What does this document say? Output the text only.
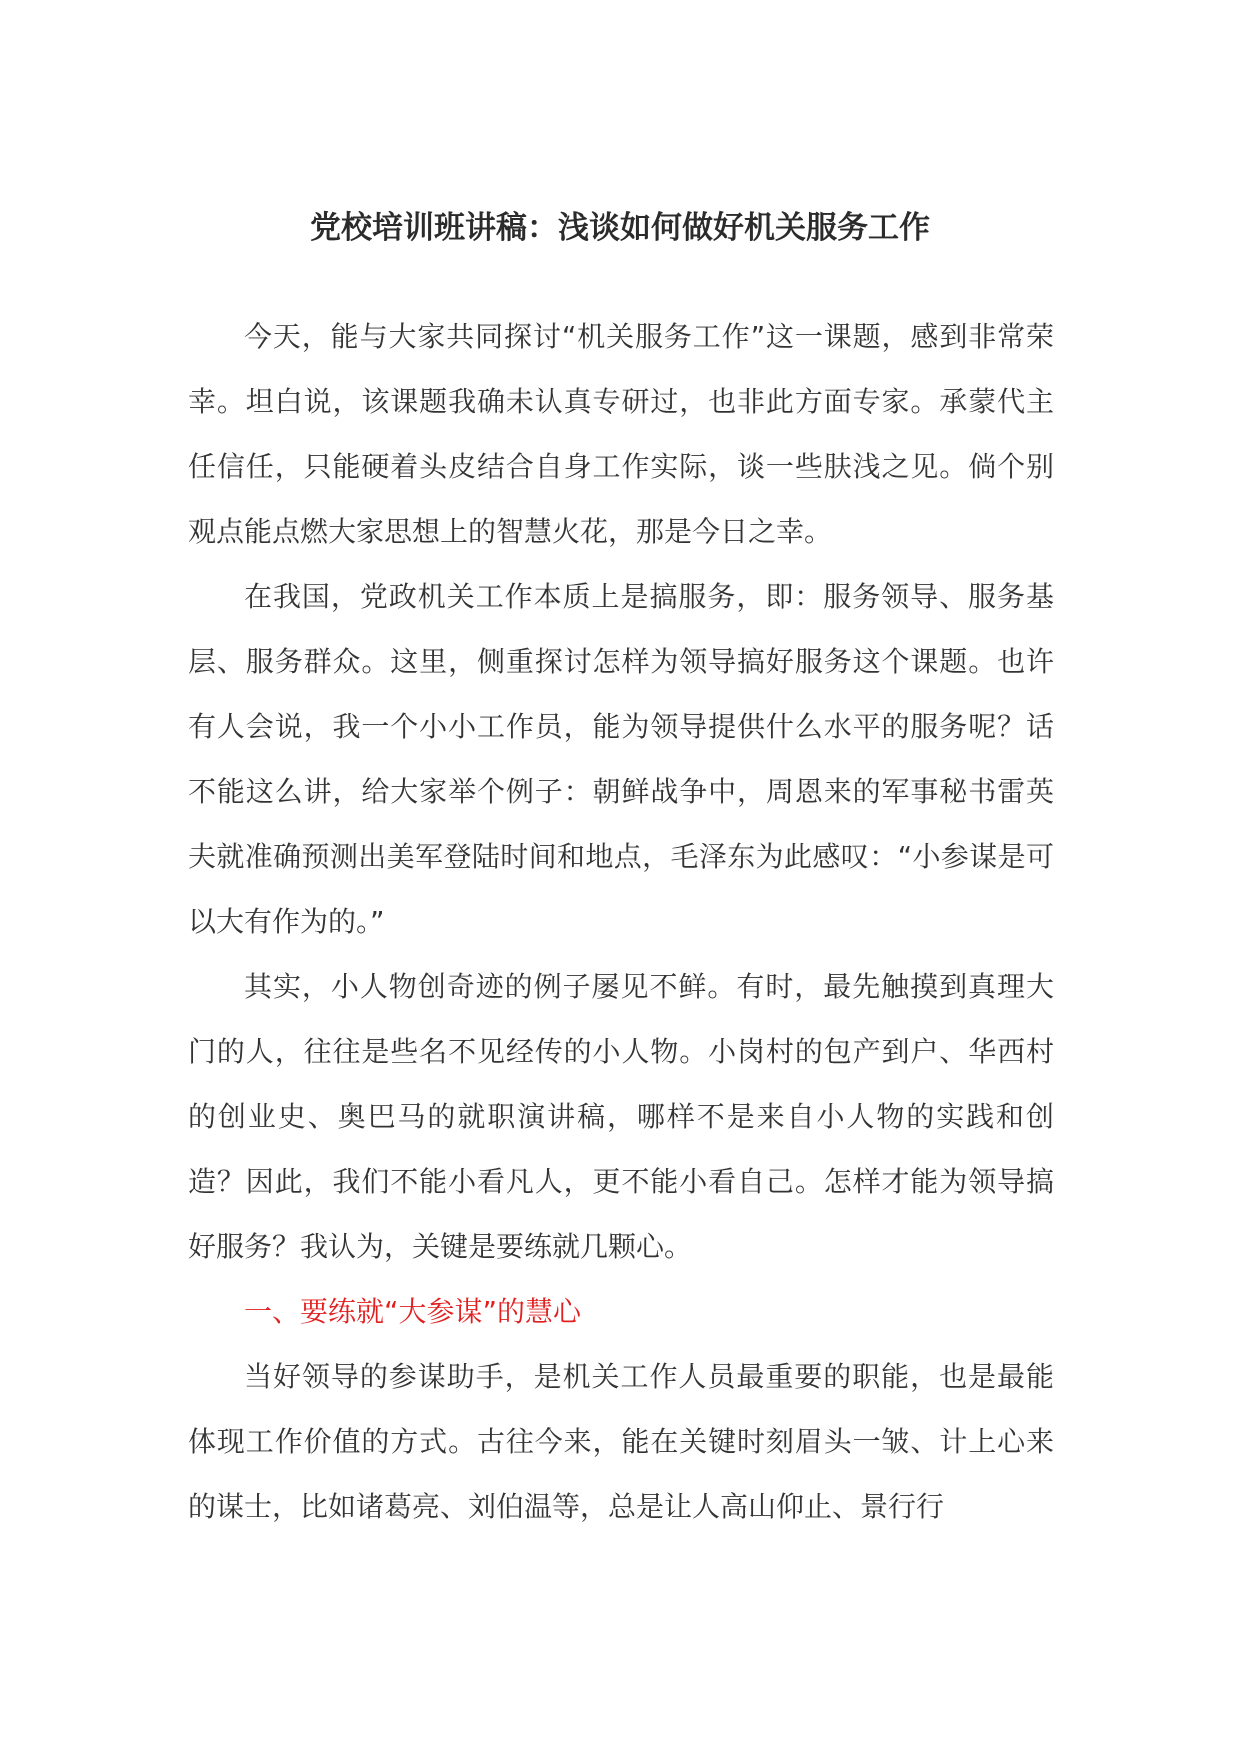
党校培训班讲稿：浅谈如何做好机关服务工作

今天，能与大家共同探讨“机关服务工作”这一课题，感到非常荣幸。坦白说，该课题我确未认真专研过，也非此方面专家。承蒙代主任信任，只能硬着头皮结合自身工作实际，谈一些肤浅之见。倘个别观点能点燃大家思想上的智慧火花，那是今日之幸。

在我国，党政机关工作本质上是搞服务，即：服务领导、服务基层、服务群众。这里，侧重探讨怎样为领导搞好服务这个课题。也许有人会说，我一个小小工作员，能为领导提供什么水平的服务呢？话不能这么讲，给大家举个例子：朝鲜战争中，周恩来的军事秘书雷英夫就准确预测出美军登陆时间和地点，毛泽东为此感叹：“小参谋是可以大有作为的。”

其实，小人物创奇迹的例子屡见不鲜。有时，最先触摸到真理大门的人，往往是些名不见经传的小人物。小岗村的包产到户、华西村的创业史、奥巴马的就职演讲稿，哪样不是来自小人物的实践和创造？因此，我们不能小看凡人，更不能小看自己。怎样才能为领导搞好服务？我认为，关键是要练就几颗心。

一、要练就“大参谋”的慧心

当好领导的参谋助手，是机关工作人员最重要的职能，也是最能体现工作价值的方式。古往今来，能在关键时刻眉头一皱、计上心来的谋士，比如诸葛亮、刘伯温等，总是让人高山仰止、景行行
